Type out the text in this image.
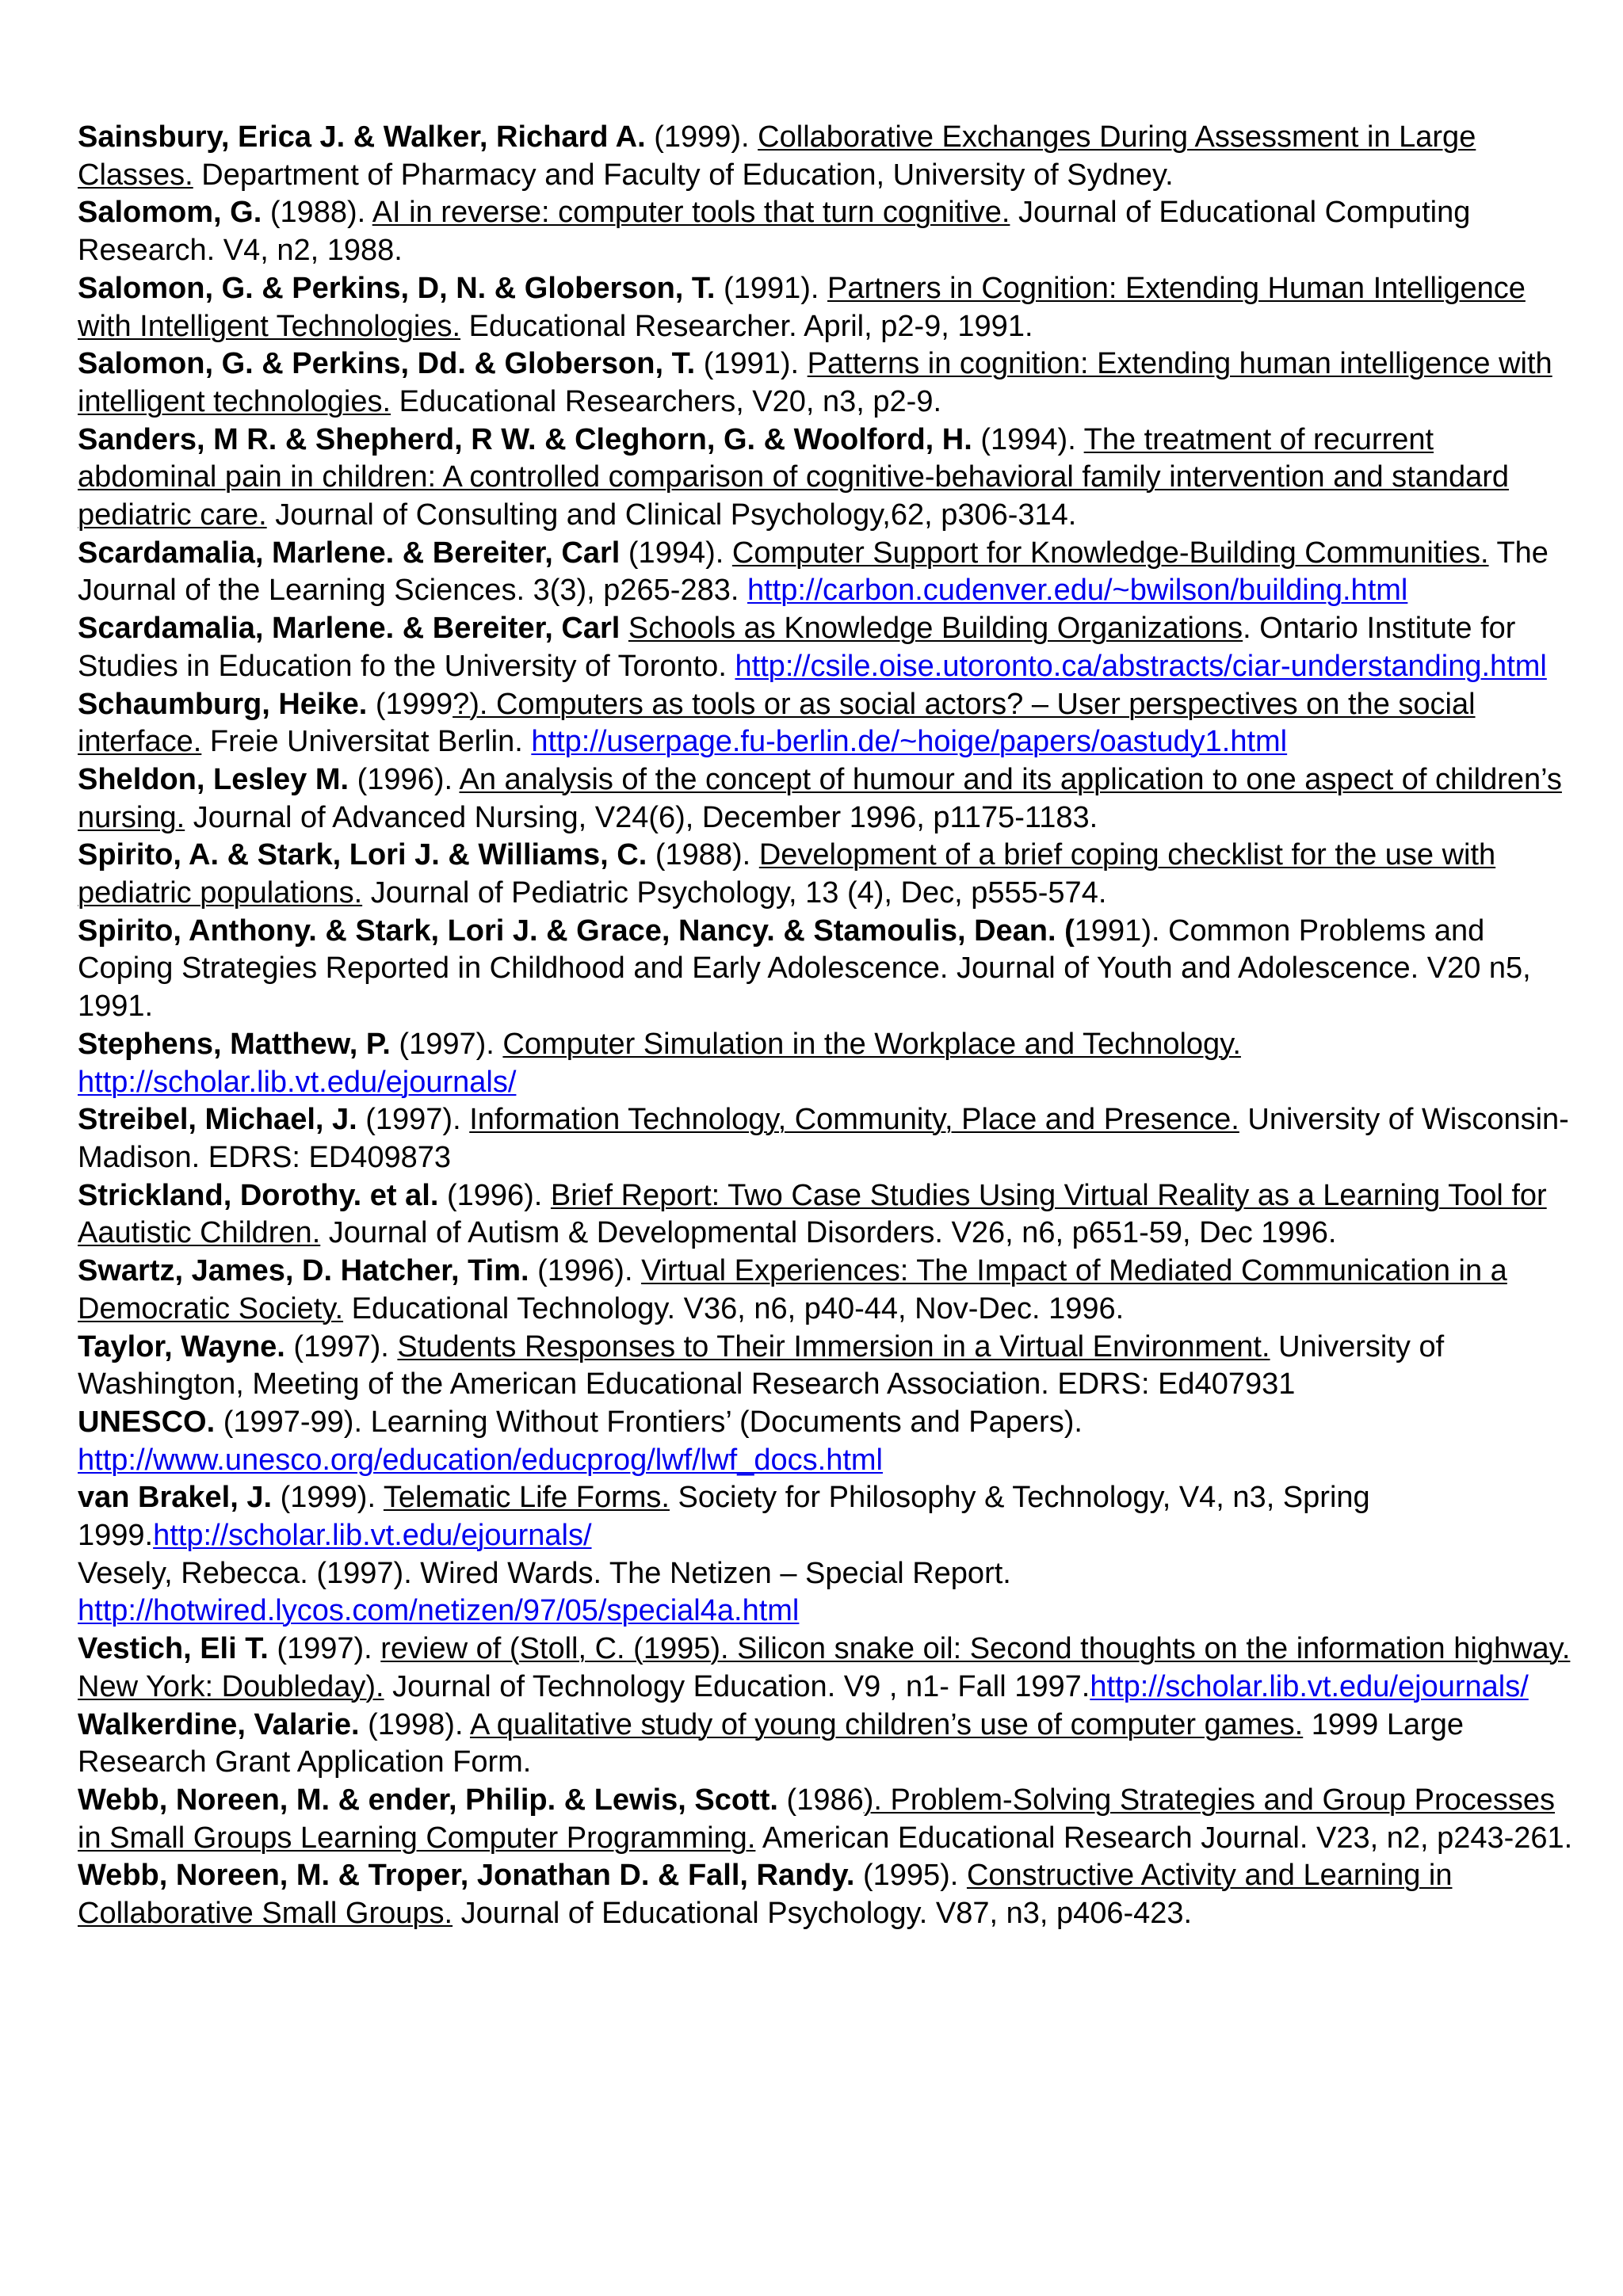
Sainsbury, Erica J. & Walker, Richard A. (1999). Collaborative Exchanges During Assessment in Large Classes. Department of Pharmacy and Faculty of Education, University of Sydney.

Salomom, G. (1988). AI in reverse: computer tools that turn cognitive. Journal of Educational Computing Research. V4, n2, 1988.

Salomon, G. & Perkins, D, N. & Globerson, T. (1991). Partners in Cognition: Extending Human Intelligence with Intelligent Technologies. Educational Researcher. April, p2-9, 1991.

Salomon, G. & Perkins, Dd. & Globerson, T. (1991). Patterns in cognition: Extending human intelligence with intelligent technologies. Educational Researchers, V20, n3, p2-9.

Sanders, M R. & Shepherd, R W. & Cleghorn, G. & Woolford, H. (1994). The treatment of recurrent abdominal pain in children: A controlled comparison of cognitive-behavioral family intervention and standard pediatric care. Journal of Consulting and Clinical Psychology,62, p306-314.

Scardamalia, Marlene. & Bereiter, Carl (1994). Computer Support for Knowledge-Building Communities. The Journal of the Learning Sciences. 3(3), p265-283. http://carbon.cudenver.edu/~bwilson/building.html

Scardamalia, Marlene. & Bereiter, Carl Schools as Knowledge Building Organizations. Ontario Institute for Studies in Education fo the University of Toronto. http://csile.oise.utoronto.ca/abstracts/ciar-understanding.html

Schaumburg, Heike. (1999?). Computers as tools or as social actors? – User perspectives on the social interface. Freie Universitat Berlin. http://userpage.fu-berlin.de/~hoige/papers/oastudy1.html

Sheldon, Lesley M. (1996). An analysis of the concept of humour and its application to one aspect of children’s nursing. Journal of Advanced Nursing, V24(6), December 1996, p1175-1183.

Spirito, A. & Stark, Lori J. & Williams, C. (1988). Development of a brief coping checklist for the use with pediatric populations. Journal of Pediatric Psychology, 13 (4), Dec, p555-574.

Spirito, Anthony. & Stark, Lori J. & Grace, Nancy. & Stamoulis, Dean. (1991). Common Problems and Coping Strategies Reported in Childhood and Early Adolescence. Journal of Youth and Adolescence. V20 n5, 1991.

Stephens, Matthew, P. (1997). Computer Simulation in the Workplace and Technology. http://scholar.lib.vt.edu/ejournals/

Streibel, Michael, J. (1997). Information Technology, Community, Place and Presence. University of Wisconsin-Madison. EDRS: ED409873

Strickland, Dorothy. et al. (1996). Brief Report: Two Case Studies Using Virtual Reality as a Learning Tool for Aautistic Children. Journal of Autism & Developmental Disorders. V26, n6, p651-59, Dec 1996.

Swartz, James, D. Hatcher, Tim. (1996). Virtual Experiences: The Impact of Mediated Communication in a Democratic Society. Educational Technology. V36, n6, p40-44, Nov-Dec. 1996.

Taylor, Wayne. (1997). Students Responses to Their Immersion in a Virtual Environment. University of Washington, Meeting of the American Educational Research Association. EDRS: Ed407931

UNESCO. (1997-99). Learning Without Frontiers’ (Documents and Papers). http://www.unesco.org/education/educprog/lwf/lwf_docs.html

van Brakel, J. (1999). Telematic Life Forms. Society for Philosophy & Technology, V4, n3, Spring 1999.http://scholar.lib.vt.edu/ejournals/

Vesely, Rebecca. (1997). Wired Wards. The Netizen – Special Report. http://hotwired.lycos.com/netizen/97/05/special4a.html

Vestich, Eli T. (1997). review of (Stoll, C. (1995). Silicon snake oil: Second thoughts on the information highway. New York: Doubleday). Journal of Technology Education. V9 , n1- Fall 1997.http://scholar.lib.vt.edu/ejournals/

Walkerdine, Valarie. (1998). A qualitative study of young children’s use of computer games. 1999 Large Research Grant Application Form.

Webb, Noreen, M. & ender, Philip. & Lewis, Scott. (1986). Problem-Solving Strategies and Group Processes in Small Groups Learning Computer Programming. American Educational Research Journal. V23, n2, p243-261.

Webb, Noreen, M. & Troper, Jonathan D. & Fall, Randy. (1995). Constructive Activity and Learning in Collaborative Small Groups. Journal of Educational Psychology. V87, n3, p406-423.
